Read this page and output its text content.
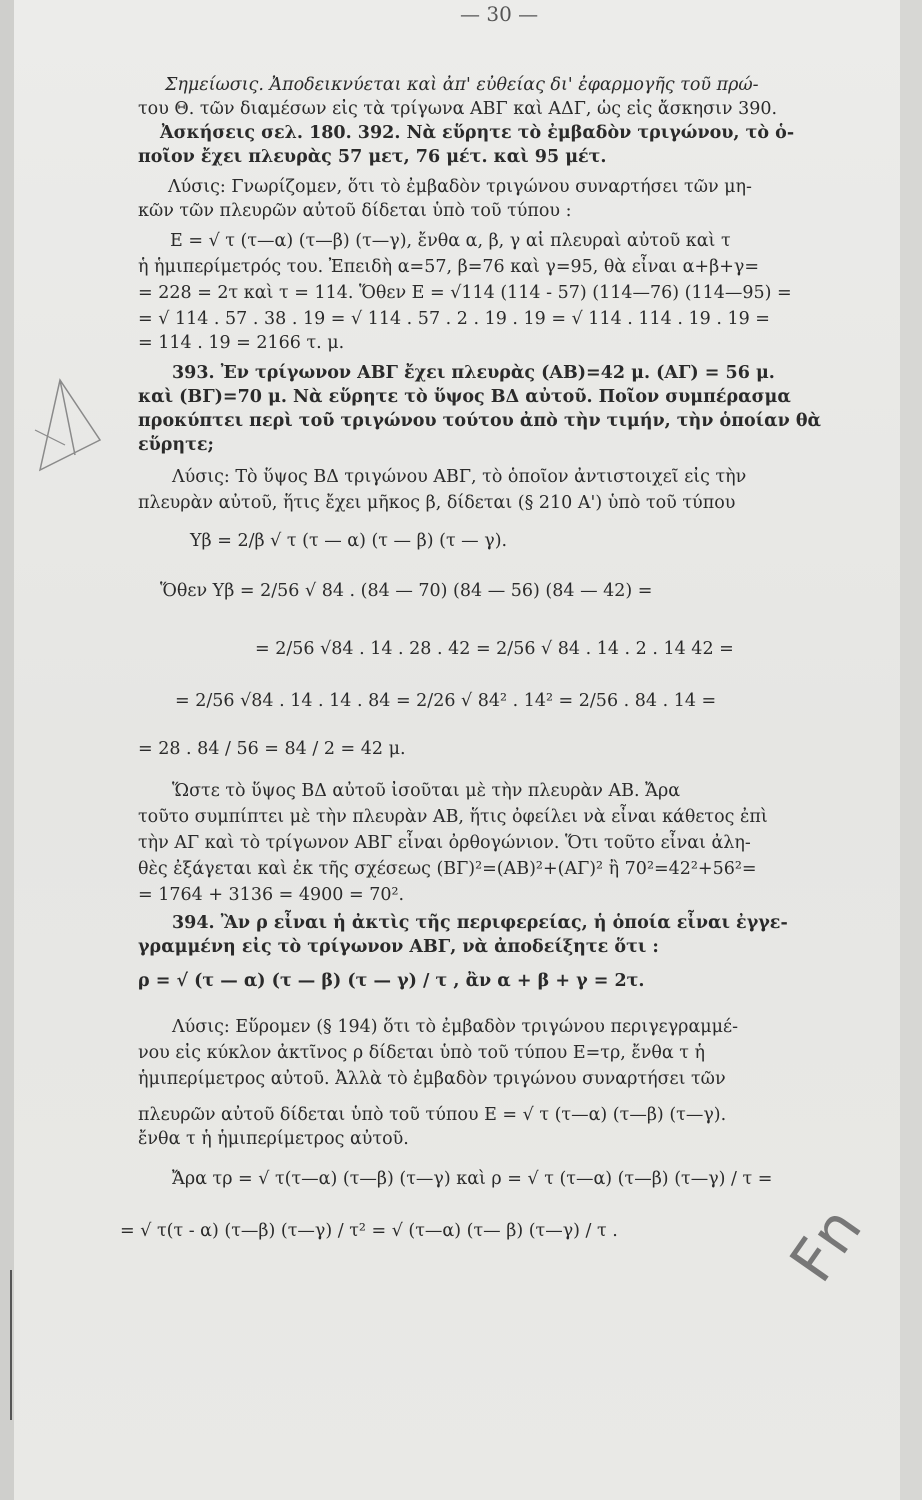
— 30 —
Σημείωσις. Ἀποδεικνύεται καὶ ἀπ' εὐθείας δι' ἐφαρμογῆς τοῦ πρώ-
του Θ. τῶν διαμέσων εἰς τὰ τρίγωνα ΑΒΓ καὶ ΑΔΓ, ὡς εἰς ἄσκησιν 390.
Ἀσκήσεις σελ. 180. 392. Νὰ εὕρητε τὸ ἐμβαδὸν τριγώνου, τὸ ὁ-
ποῖον ἔχει πλευρὰς 57 μετ, 76 μέτ. καὶ 95 μέτ.
Λύσις: Γνωρίζομεν, ὅτι τὸ ἐμβαδὸν τριγώνου συναρτήσει τῶν μη-
κῶν τῶν πλευρῶν αὐτοῦ δίδεται ὑπὸ τοῦ τύπου :
Ε = √ τ (τ—α) (τ—β) (τ—γ), ἔνθα α, β, γ αἱ πλευραὶ αὐτοῦ καὶ τ
ἡ ἡμιπερίμετρός του. Ἐπειδὴ α=57, β=76 καὶ γ=95, θὰ εἶναι α+β+γ=
= 228 = 2τ καὶ τ = 114. Ὅθεν Ε = √114 (114 - 57) (114—76) (114—95) =
= √ 114 . 57 . 38 . 19 = √ 114 . 57 . 2 . 19 . 19 = √ 114 . 114 . 19 . 19 =
= 114 . 19 = 2166 τ. μ.
393. Ἐν τρίγωνον ΑΒΓ ἔχει πλευρὰς (ΑΒ)=42 μ. (ΑΓ) = 56 μ.
καὶ (ΒΓ)=70 μ. Νὰ εὕρητε τὸ ὕψος ΒΔ αὐτοῦ. Ποῖον συμπέρασμα
προκύπτει περὶ τοῦ τριγώνου τούτου ἀπὸ τὴν τιμήν, τὴν ὁποίαν θὰ
εὕρητε;
Λύσις: Τὸ ὕψος ΒΔ τριγώνου ΑΒΓ, τὸ ὁποῖον ἀντιστοιχεῖ εἰς τὴν
πλευρὰν αὐτοῦ, ἥτις ἔχει μῆκος β, δίδεται (§ 210 Α') ὑπὸ τοῦ τύπου
Υβ = 2/β √ τ (τ — α) (τ — β) (τ — γ).
Ὅθεν Υβ = 2/56 √ 84 . (84 — 70) (84 — 56) (84 — 42) =
= 2/56 √84 . 14 . 28 . 42 = 2/56 √ 84 . 14 . 2 . 14 42 =
= 2/56 √84 . 14 . 14 . 84 = 2/26 √ 84² . 14² = 2/56 . 84 . 14 =
= 28 . 84 / 56 = 84 / 2 = 42 μ.
Ὥστε τὸ ὕψος ΒΔ αὐτοῦ ἰσοῦται μὲ τὴν πλευρὰν ΑΒ. Ἄρα
τοῦτο συμπίπτει μὲ τὴν πλευρὰν ΑΒ, ἥτις ὀφείλει νὰ εἶναι κάθετος ἐπὶ
τὴν ΑΓ καὶ τὸ τρίγωνον ΑΒΓ εἶναι ὀρθογώνιον. Ὅτι τοῦτο εἶναι ἀλη-
θὲς ἐξάγεται καὶ ἐκ τῆς σχέσεως (ΒΓ)²=(ΑΒ)²+(ΑΓ)² ἢ 70²=42²+56²=
= 1764 + 3136 = 4900 = 70².
394. Ἂν ρ εἶναι ἡ ἀκτὶς τῆς περιφερείας, ἡ ὁποία εἶναι ἐγγε-
γραμμένη εἰς τὸ τρίγωνον ΑΒΓ, νὰ ἀποδείξητε ὅτι :
ρ = √ (τ — α) (τ — β) (τ — γ) / τ , ἂν α + β + γ = 2τ.
Λύσις: Εὕρομεν (§ 194) ὅτι τὸ ἐμβαδὸν τριγώνου περιγεγραμμέ-
νου εἰς κύκλον ἀκτῖνος ρ δίδεται ὑπὸ τοῦ τύπου Ε=τρ, ἔνθα τ ἡ
ἡμιπερίμετρος αὐτοῦ. Ἀλλὰ τὸ ἐμβαδὸν τριγώνου συναρτήσει τῶν
πλευρῶν αὐτοῦ δίδεται ὑπὸ τοῦ τύπου Ε = √ τ (τ—α) (τ—β) (τ—γ).
ἔνθα τ ἡ ἡμιπερίμετρος αὐτοῦ.
Ἄρα τρ = √ τ(τ—α) (τ—β) (τ—γ) καὶ ρ = √ τ (τ—α) (τ—β) (τ—γ) / τ =
= √ τ(τ - α) (τ—β) (τ—γ) / τ² = √ (τ—α) (τ— β) (τ—γ) / τ .	Fn
